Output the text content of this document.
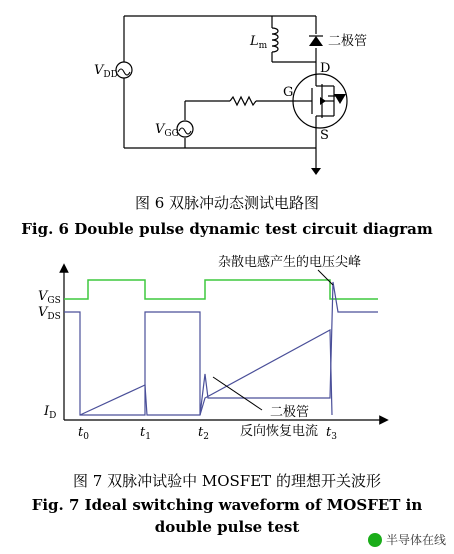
$V_{DD}$
$V_{GG}$
$L_m$	二极管
D
G
S
图 6 双脉冲动态测试电路图
Fig. 6 Double pulse dynamic test circuit diagram
$V_{GS}$
$V_{DS}$
$I_D$
$t_0$	$t_1$	$t_2$	$t_3$
杂散电感产生的电压尖峰
二极管
反向恢复电流
图 7 双脉冲试验中 MOSFET 的理想开关波形
Fig. 7 Ideal switching waveform of MOSFET in
double pulse test
半导体在线
